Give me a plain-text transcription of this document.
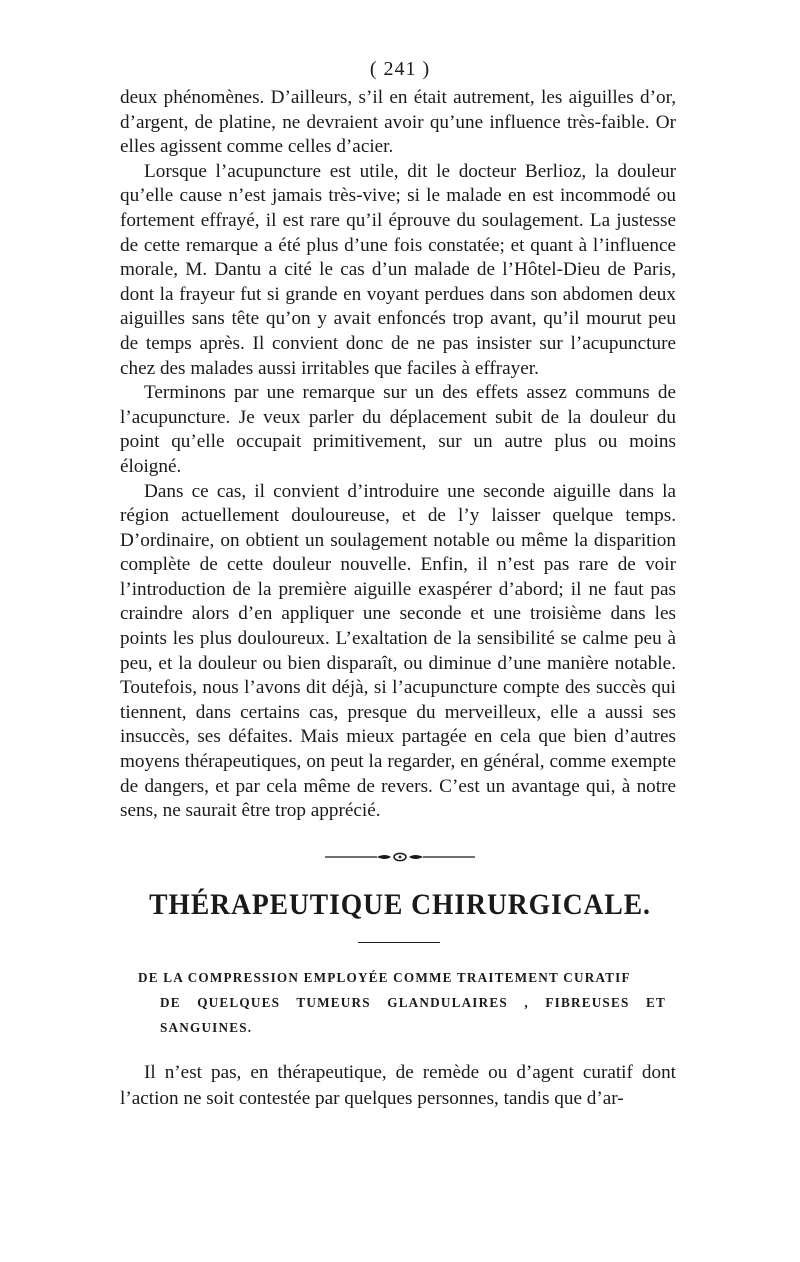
( 241 )

deux phénomènes. D’ailleurs, s’il en était autrement, les aiguilles d’or, d’argent, de platine, ne devraient avoir qu’une influence très-faible. Or elles agissent comme celles d’acier.

Lorsque l’acupuncture est utile, dit le docteur Berlioz, la douleur qu’elle cause n’est jamais très-vive; si le malade en est incommodé ou fortement effrayé, il est rare qu’il éprouve du soulagement. La justesse de cette remarque a été plus d’une fois constatée; et quant à l’influence morale, M. Dantu a cité le cas d’un malade de l’Hôtel-Dieu de Paris, dont la frayeur fut si grande en voyant perdues dans son abdomen deux aiguilles sans tête qu’on y avait enfoncés trop avant, qu’il mourut peu de temps après. Il convient donc de ne pas insister sur l’acupuncture chez des malades aussi irritables que faciles à effrayer.

Terminons par une remarque sur un des effets assez communs de l’acupuncture. Je veux parler du déplacement subit de la douleur du point qu’elle occupait primitivement, sur un autre plus ou moins éloigné.

Dans ce cas, il convient d’introduire une seconde aiguille dans la région actuellement douloureuse, et de l’y laisser quelque temps. D’ordinaire, on obtient un soulagement notable ou même la disparition complète de cette douleur nouvelle. Enfin, il n’est pas rare de voir l’introduction de la première aiguille exaspérer d’abord; il ne faut pas craindre alors d’en appliquer une seconde et une troisième dans les points les plus douloureux. L’exaltation de la sensibilité se calme peu à peu, et la douleur ou bien disparaît, ou diminue d’une manière notable. Toutefois, nous l’avons dit déjà, si l’acupuncture compte des succès qui tiennent, dans certains cas, presque du merveilleux, elle a aussi ses insuccès, ses défaites. Mais mieux partagée en cela que bien d’autres moyens thérapeutiques, on peut la regarder, en général, comme exempte de dangers, et par cela même de revers. C’est un avantage qui, à notre sens, ne saurait être trop apprécié.

THÉRAPEUTIQUE CHIRURGICALE.
DE LA COMPRESSION EMPLOYÉE COMME TRAITEMENT CURATIF
DE QUELQUES TUMEURS GLANDULAIRES , FIBREUSES ET SANGUINES.

Il n’est pas, en thérapeutique, de remède ou d’agent curatif dont l’action ne soit contestée par quelques personnes, tandis que d’ar-
